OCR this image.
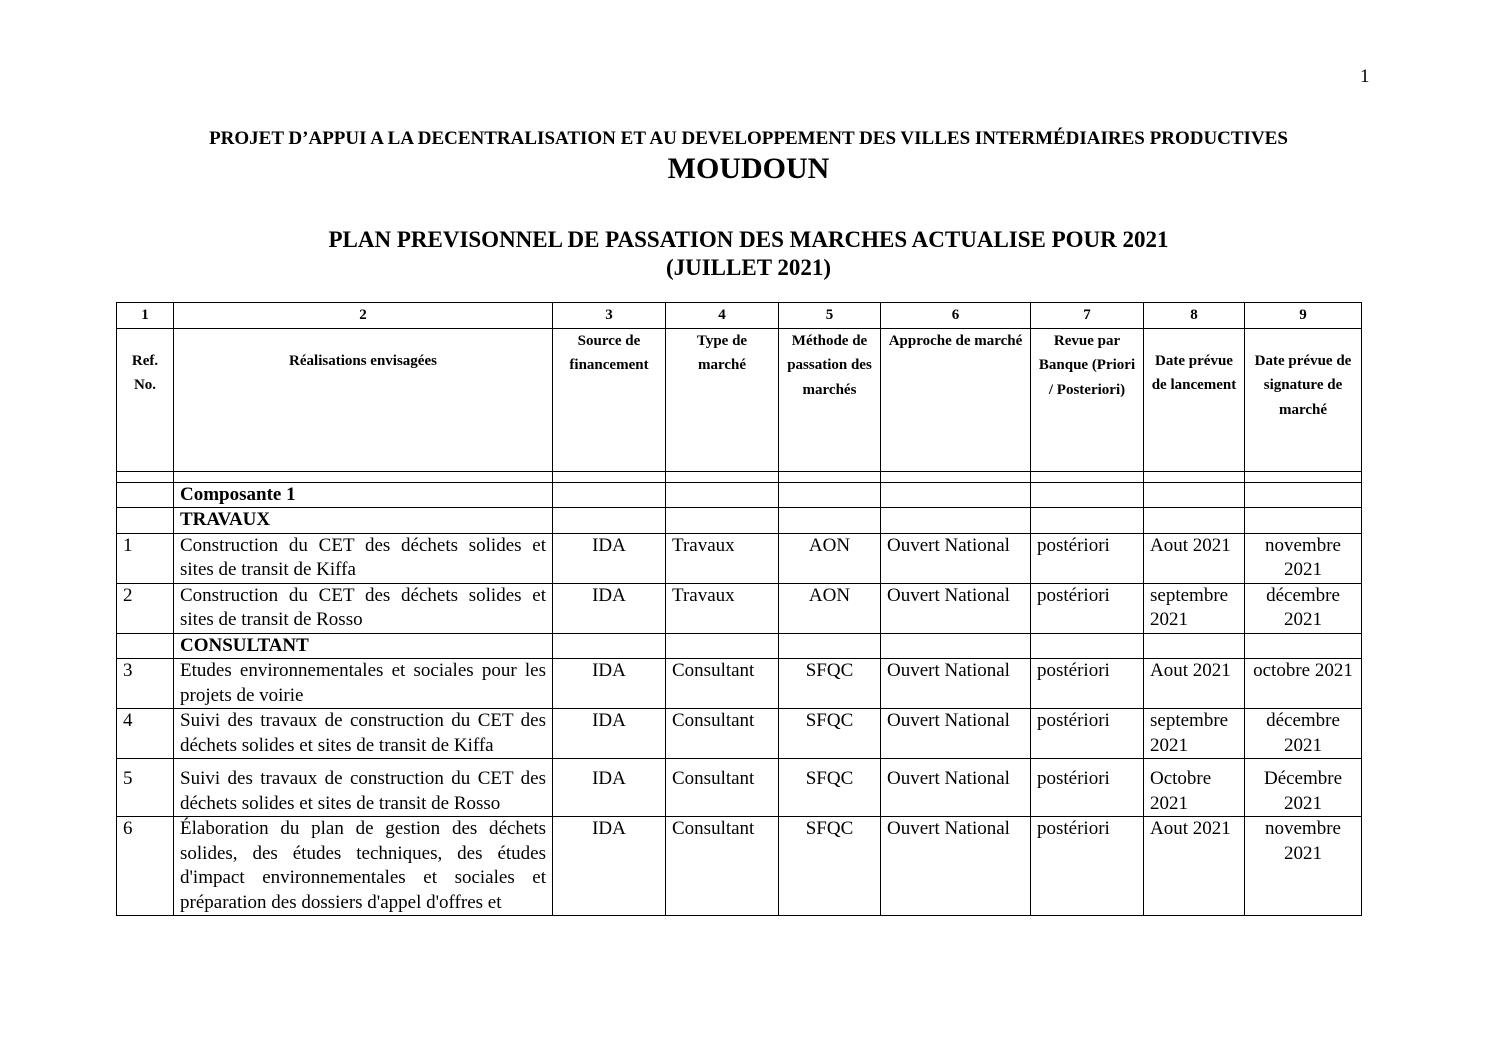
1
PROJET D’APPUI A LA DECENTRALISATION ET AU DEVELOPPEMENT DES VILLES INTERMÉDIAIRES PRODUCTIVES
MOUDOUN
PLAN PREVISONNEL DE PASSATION DES MARCHES ACTUALISE POUR 2021
(JUILLET 2021)
1	2	3	4	5	6	7	8	9
Ref. No.	Réalisations envisagées	Source de financement	Type de marché	Méthode de passation des marchés	Approche de marché	Revue par Banque (Priori / Posteriori)	Date prévue de lancement	Date prévue de signature de marché

	Composante 1							
	TRAVAUX							
1	Construction du CET des déchets solides et sites de transit de Kiffa	IDA	Travaux	AON	Ouvert National	postériori	Aout 2021	novembre 2021
2	Construction du CET des déchets solides et sites de transit de Rosso	IDA	Travaux	AON	Ouvert National	postériori	septembre 2021	décembre 2021
	CONSULTANT							
3	Etudes environnementales et sociales pour les projets de voirie	IDA	Consultant	SFQC	Ouvert National	postériori	Aout 2021	octobre 2021
4	Suivi des travaux de construction du CET des déchets solides et sites de transit de Kiffa	IDA	Consultant	SFQC	Ouvert National	postériori	septembre 2021	décembre 2021
5	Suivi des travaux de construction du CET des déchets solides et sites de transit de Rosso	IDA	Consultant	SFQC	Ouvert National	postériori	Octobre 2021	Décembre 2021
6	Élaboration du plan de gestion des déchets solides, des études techniques, des études d'impact environnementales et sociales et préparation des dossiers d'appel d'offres et	IDA	Consultant	SFQC	Ouvert National	postériori	Aout 2021	novembre 2021
